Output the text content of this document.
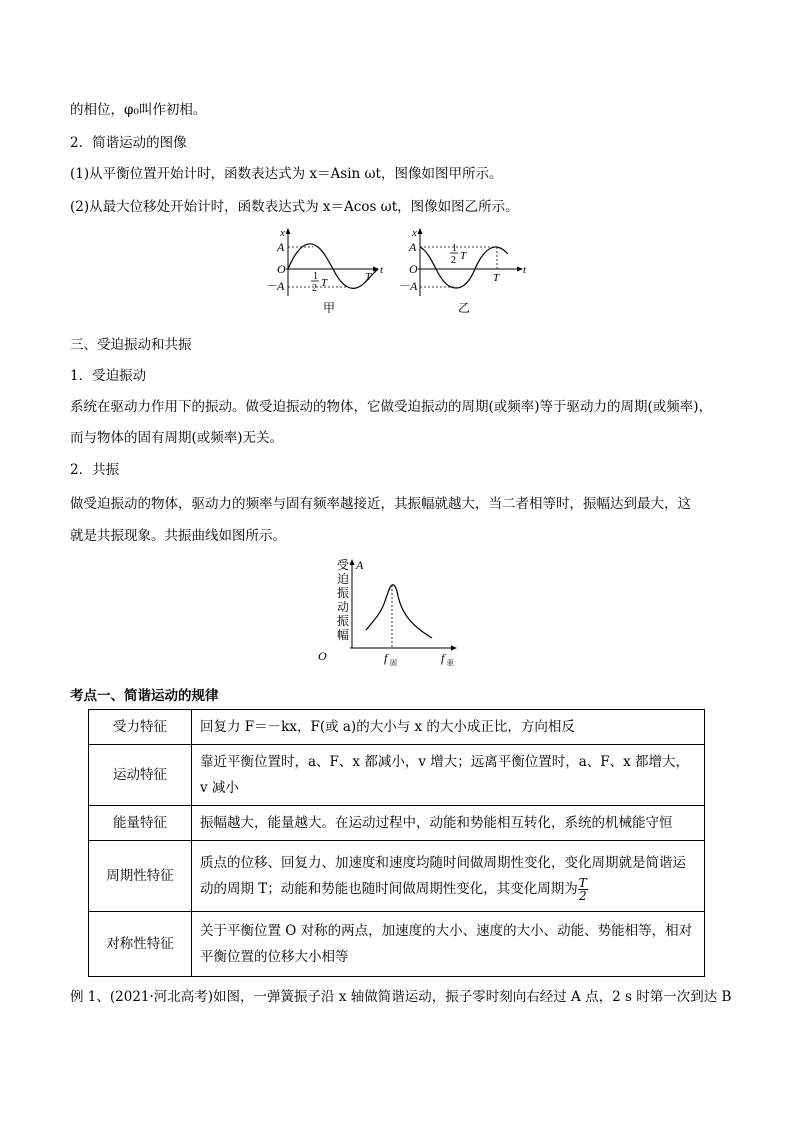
的相位，φ₀叫作初相。
2．简谐运动的图像
(1)从平衡位置开始计时，函数表达式为 x＝Asin ωt，图像如图甲所示。
(2)从最大位移处开始计时，函数表达式为 x＝Acos ωt，图像如图乙所示。
x
A
O
－A
1
2 T	T
t
甲
x
A
O
－A
1
2 T
T
t
乙
三、受迫振动和共振
1．受迫振动
系统在驱动力作用下的振动。做受迫振动的物体，它做受迫振动的周期(或频率)等于驱动力的周期(或频率)，
而与物体的固有周期(或频率)无关。
2．共振
做受迫振动的物体，驱动力的频率与固有频率越接近，其振幅就越大，当二者相等时，振幅达到最大，这
就是共振现象。共振曲线如图所示。
受
迫
振
动
振
幅
A
O	f 固	f 驱
考点一、简谐运动的规律
受力特征	回复力 F＝－kx，F(或 a)的大小与 x 的大小成正比，方向相反
运动特征	靠近平衡位置时，a、F、x 都减小，v 增大；远离平衡位置时，a、F、x 都增大，v 减小
能量特征	振幅越大，能量越大。在运动过程中，动能和势能相互转化，系统的机械能守恒
周期性特征	质点的位移、回复力、加速度和速度均随时间做周期性变化，变化周期就是简谐运动的周期 T；动能和势能也随时间做周期性变化，其变化周期为 $\frac{T}{2}$

对称性特征	关于平衡位置 O 对称的两点，加速度的大小、速度的大小、动能、势能相等，相对平衡位置的位移大小相等
例 1、(2021·河北高考)如图，一弹簧振子沿 x 轴做简谐运动，振子零时刻向右经过 A 点，2 s 时第一次到达 B
